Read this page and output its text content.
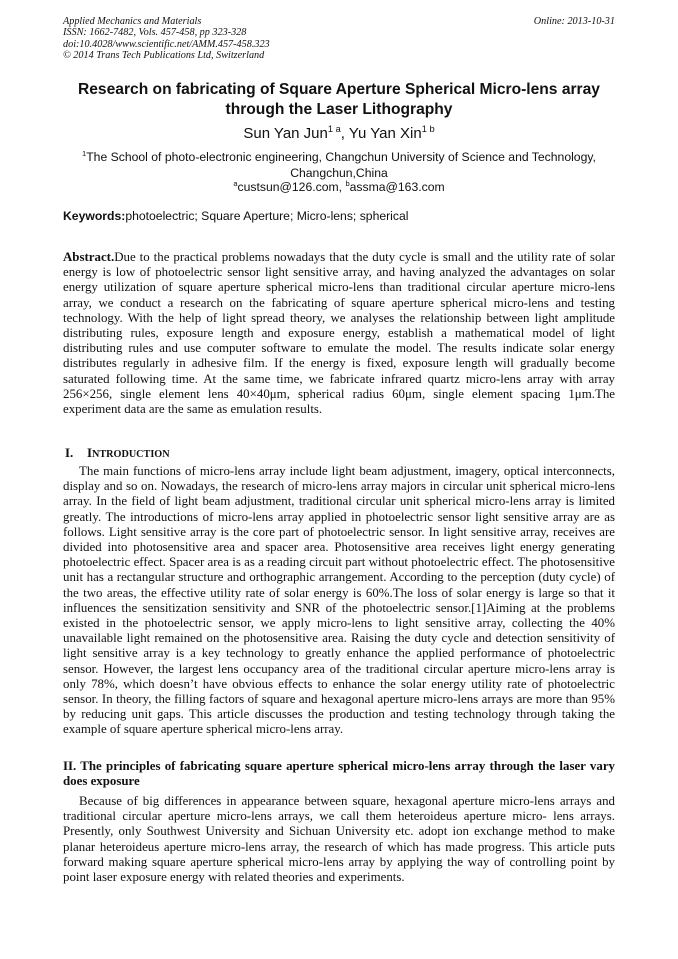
Applied Mechanics and Materials
ISSN: 1662-7482, Vols. 457-458, pp 323-328
doi:10.4028/www.scientific.net/AMM.457-458.323
© 2014 Trans Tech Publications Ltd, Switzerland
Online: 2013-10-31
Research on fabricating of Square Aperture Spherical Micro-lens array
through the Laser Lithography
Sun Yan Jun$^{1 a}$, Yu Yan Xin$^{1 b}$
$^1$The School of photo-electronic engineering, Changchun University of Science and Technology,
Changchun,China
$^a$custsun@126.com, $^b$assma@163.com
Keywords:photoelectric; Square Aperture; Micro-lens; spherical
Abstract.Due to the practical problems nowadays that the duty cycle is small and the utility rate of solar energy is low of photoelectric sensor light sensitive array, and having analyzed the advantages on solar energy utilization of square aperture spherical micro-lens than traditional circular aperture micro-lens array, we conduct a research on the fabricating of square aperture spherical micro-lens and testing technology. With the help of light spread theory, we analyses the relationship between light amplitude distributing rules, exposure length and exposure energy, establish a mathematical model of light distributing rules and use computer software to emulate the model. The results indicate solar energy distributes regularly in adhesive film. If the energy is fixed, exposure length will gradually become saturated following time. At the same time, we fabricate infrared quartz micro-lens array with array 256×256, single element lens 40×40μm, spherical radius 60μm, single element spacing 1μm.The experiment data are the same as emulation results.
I. INTRODUCTION
The main functions of micro-lens array include light beam adjustment, imagery, optical interconnects, display and so on. Nowadays, the research of micro-lens array majors in circular unit spherical micro-lens array. In the field of light beam adjustment, traditional circular unit spherical micro-lens array is limited greatly. The introductions of micro-lens array applied in photoelectric sensor light sensitive array are as follows. Light sensitive array is the core part of photoelectric sensor. In light sensitive array, receives are divided into photosensitive area and spacer area. Photosensitive area receives light energy generating photoelectric effect. Spacer area is as a reading circuit part without photoelectric effect. The photosensitive unit has a rectangular structure and orthographic arrangement. According to the perception (duty cycle) of the two areas, the effective utility rate of solar energy is 60%.The loss of solar energy is large so that it influences the sensitization sensitivity and SNR of the photoelectric sensor.[1]Aiming at the problems existed in the photoelectric sensor, we apply micro-lens to light sensitive array, collecting the 40% unavailable light remained on the photosensitive area. Raising the duty cycle and detection sensitivity of light sensitive array is a key technology to greatly enhance the applied performance of photoelectric sensor. However, the largest lens occupancy area of the traditional circular aperture micro-lens array is only 78%, which doesn’t have obvious effects to enhance the solar energy utility rate of photoelectric sensor. In theory, the filling factors of square and hexagonal aperture micro-lens arrays are more than 95% by reducing unit gaps. This article discusses the production and testing technology through taking the example of square aperture spherical micro-lens array.
II. The principles of fabricating square aperture spherical micro-lens array through the laser vary does exposure
Because of big differences in appearance between square, hexagonal aperture micro-lens arrays and traditional circular aperture micro-lens arrays, we call them heteroideus aperture micro- lens arrays. Presently, only Southwest University and Sichuan University etc. adopt ion exchange method to make planar heteroideus aperture micro-lens array, the research of which has made progress. This article puts forward making square aperture spherical micro-lens array by applying the way of controlling point by point laser exposure energy with related theories and experiments.
